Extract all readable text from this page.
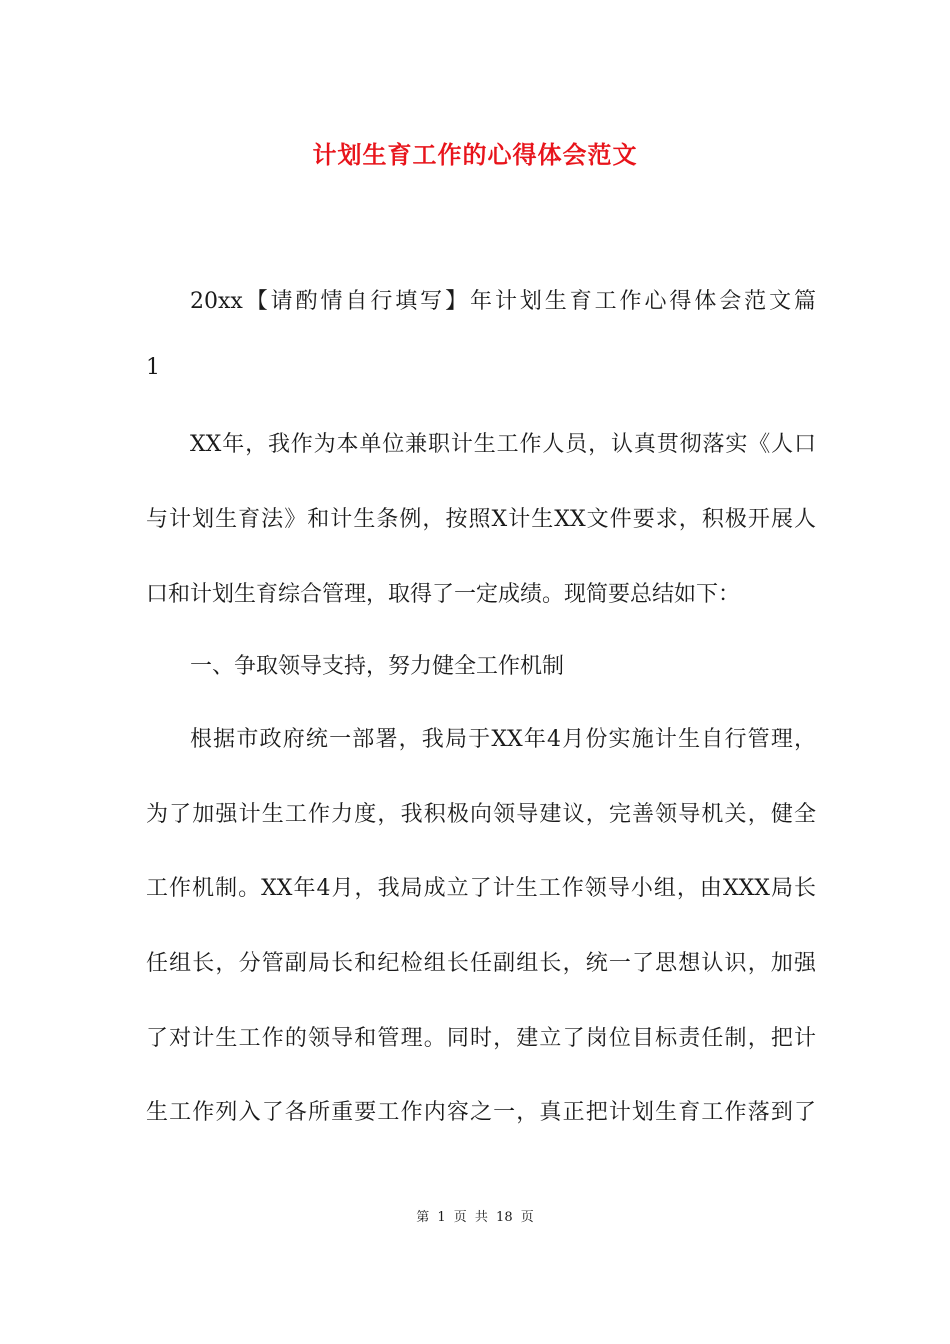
计划生育工作的心得体会范文
20xx【请酌情自行填写】年计划生育工作心得体会范文篇
1
XX年，我作为本单位兼职计生工作人员，认真贯彻落实《人口
与计划生育法》和计生条例，按照X计生XX文件要求，积极开展人
口和计划生育综合管理，取得了一定成绩。现简要总结如下：
一、争取领导支持，努力健全工作机制
根据市政府统一部署，我局于XX年4月份实施计生自行管理，
为了加强计生工作力度，我积极向领导建议，完善领导机关，健全
工作机制。XX年4月，我局成立了计生工作领导小组，由XXX局长
任组长，分管副局长和纪检组长任副组长，统一了思想认识，加强
了对计生工作的领导和管理。同时，建立了岗位目标责任制，把计
生工作列入了各所重要工作内容之一，真正把计划生育工作落到了
第 1 页 共 18 页
